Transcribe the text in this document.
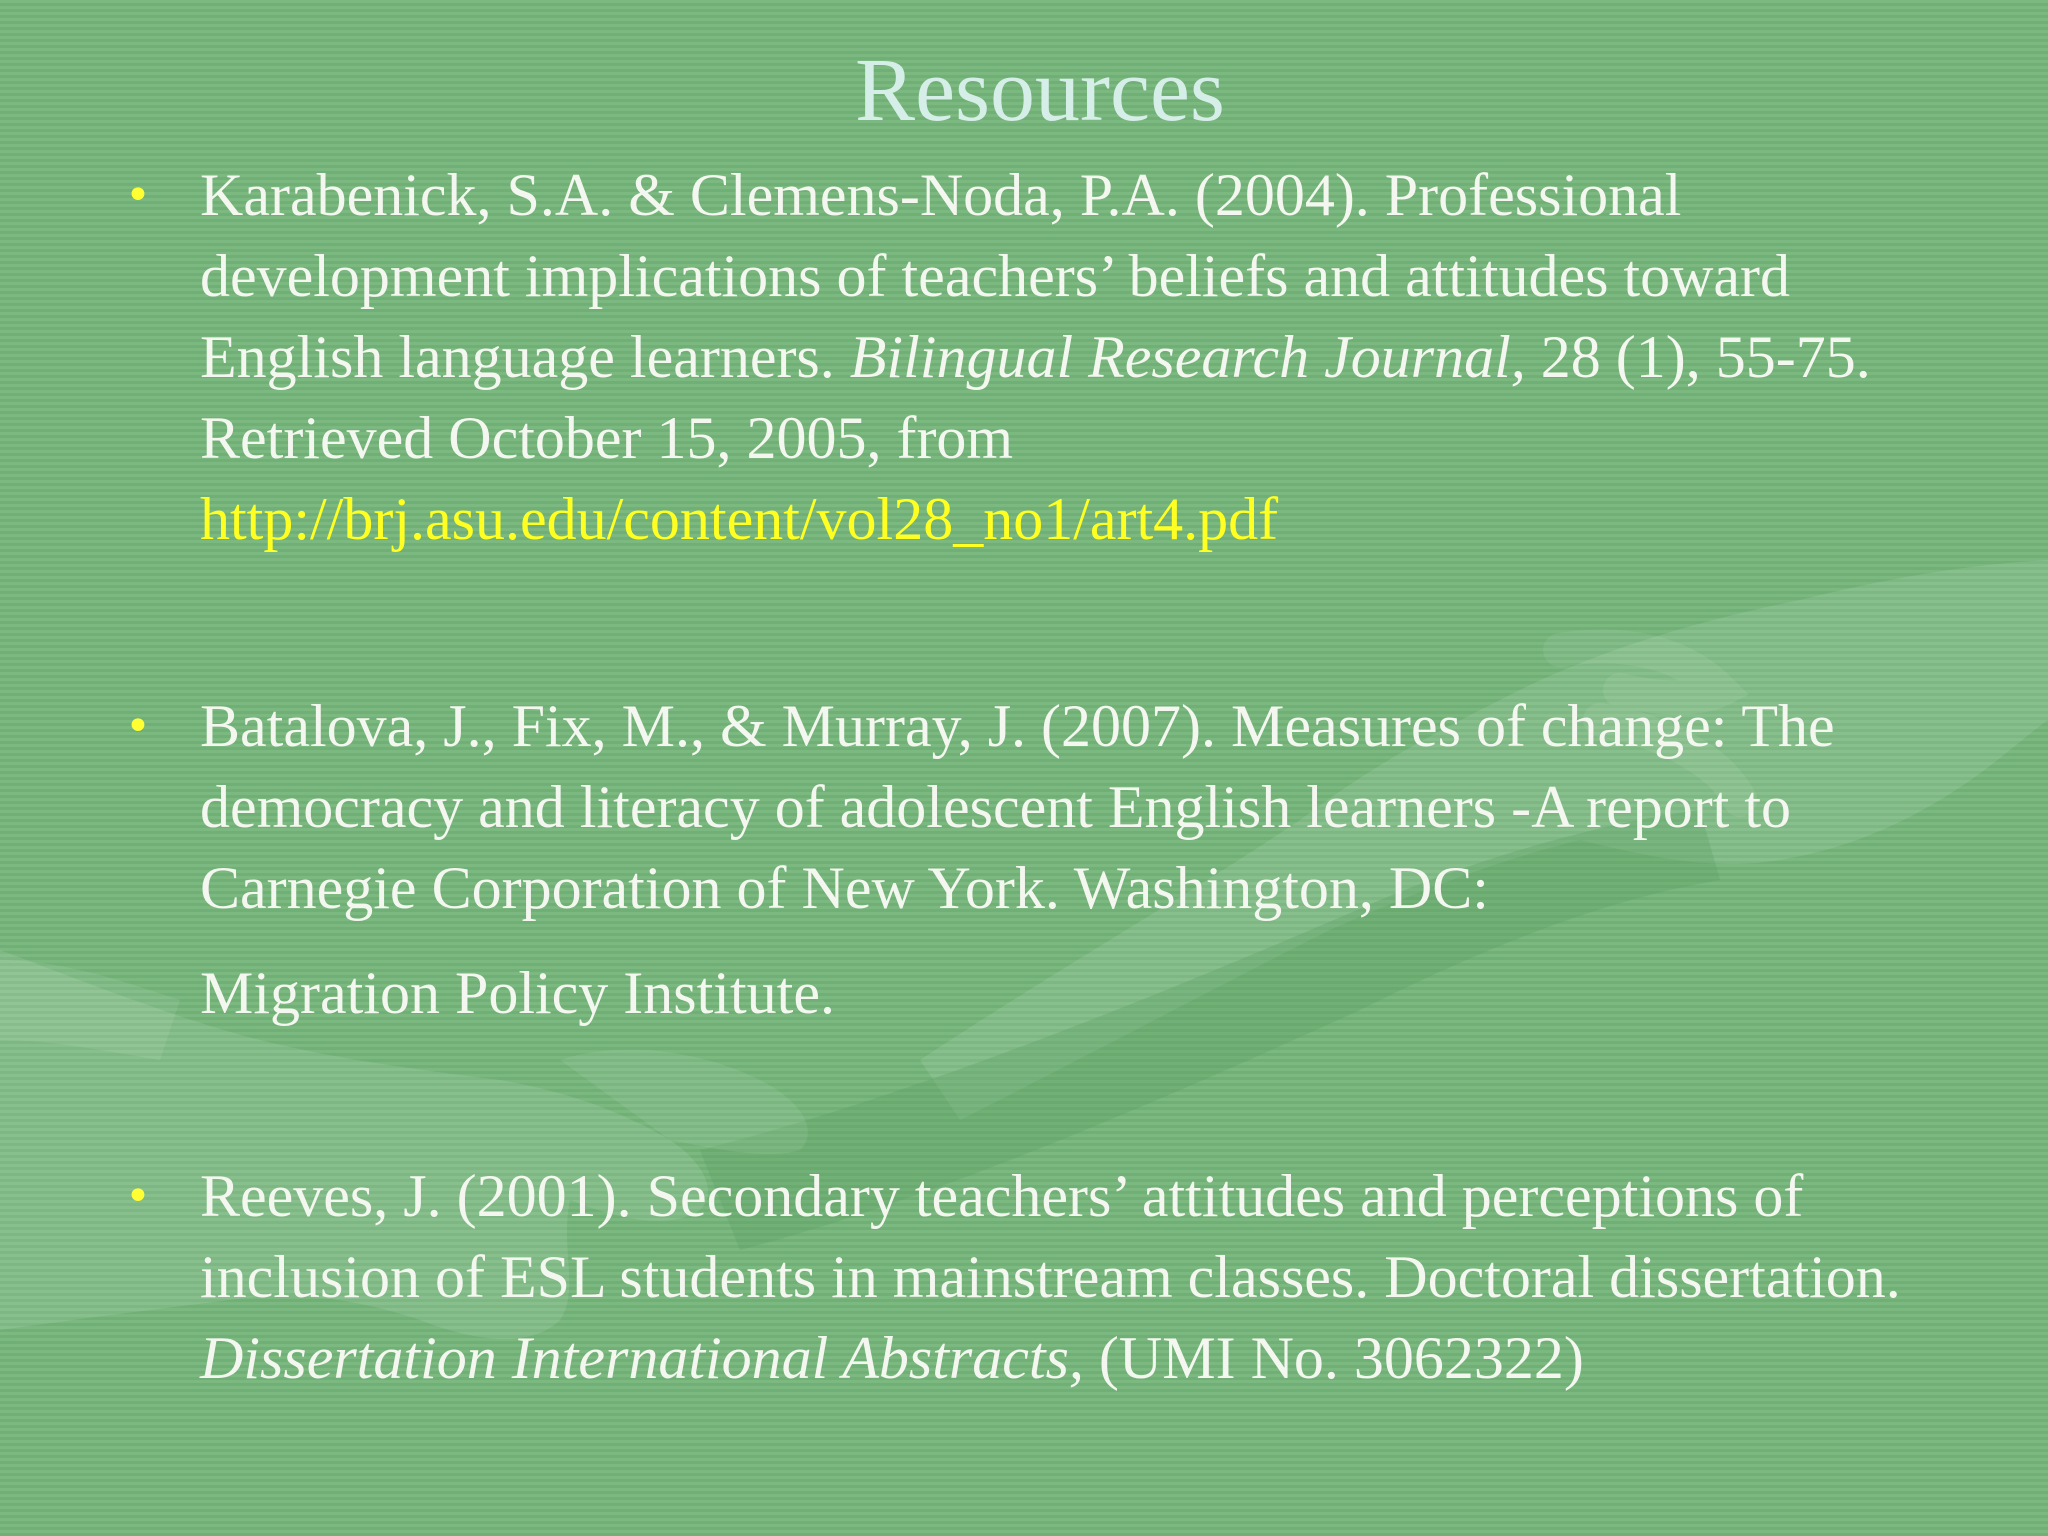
Resources
• Karabenick, S.A. & Clemens-Noda, P.A. (2004). Professional development implications of teachers’ beliefs and attitudes toward English language learners. Bilingual Research Journal, 28 (1), 55-75. Retrieved October 15, 2005, from http://brj.asu.edu/content/vol28_no1/art4.pdf
• Batalova, J., Fix, M., & Murray, J. (2007). Measures of change: The democracy and literacy of adolescent English learners -A report to Carnegie Corporation of New York. Washington, DC:
Migration Policy Institute.
• Reeves, J. (2001). Secondary teachers’ attitudes and perceptions of inclusion of ESL students in mainstream classes. Doctoral dissertation. Dissertation International Abstracts, (UMI No. 3062322)
